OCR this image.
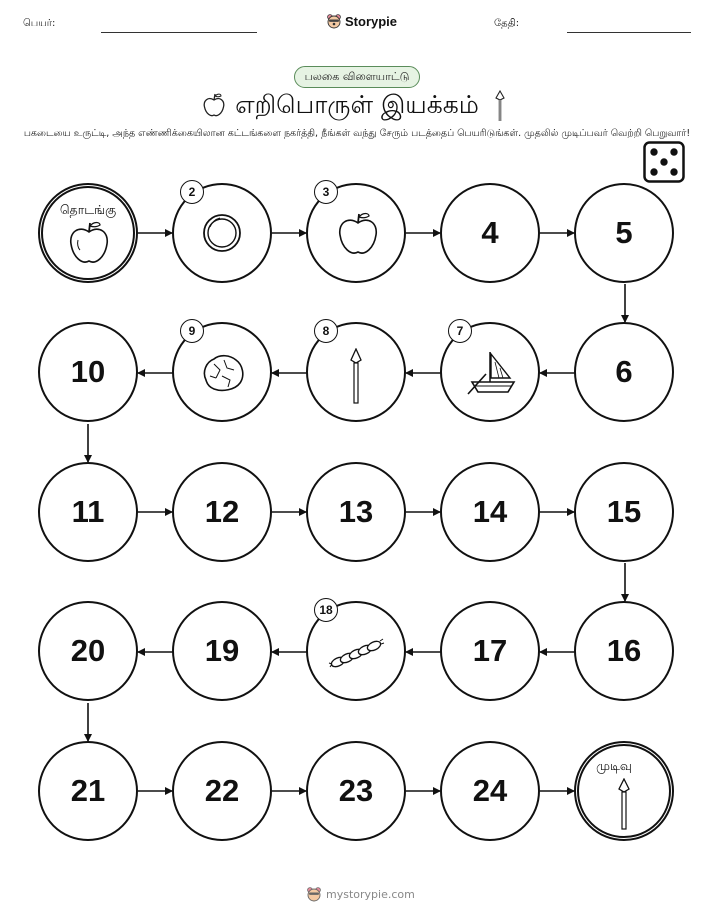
பெயர்:	Storypie	தேதி:
பலகை விளையாட்டு
எறிபொருள் இயக்கம்
பகடையை உருட்டி, அந்த எண்ணிக்கையிலான கட்டங்களை நகர்த்தி, நீங்கள் வந்து சேரும் படத்தைப் பெயரிடுங்கள். முதலில் முடிப்பவர் வெற்றி பெறுவார்!
தொடங்கு
2	3
4	5
10
9	8	7
6
11	12	13	14	15
20	19
18
17	16
21	22	23	24
முடிவு
mystorypie.com
